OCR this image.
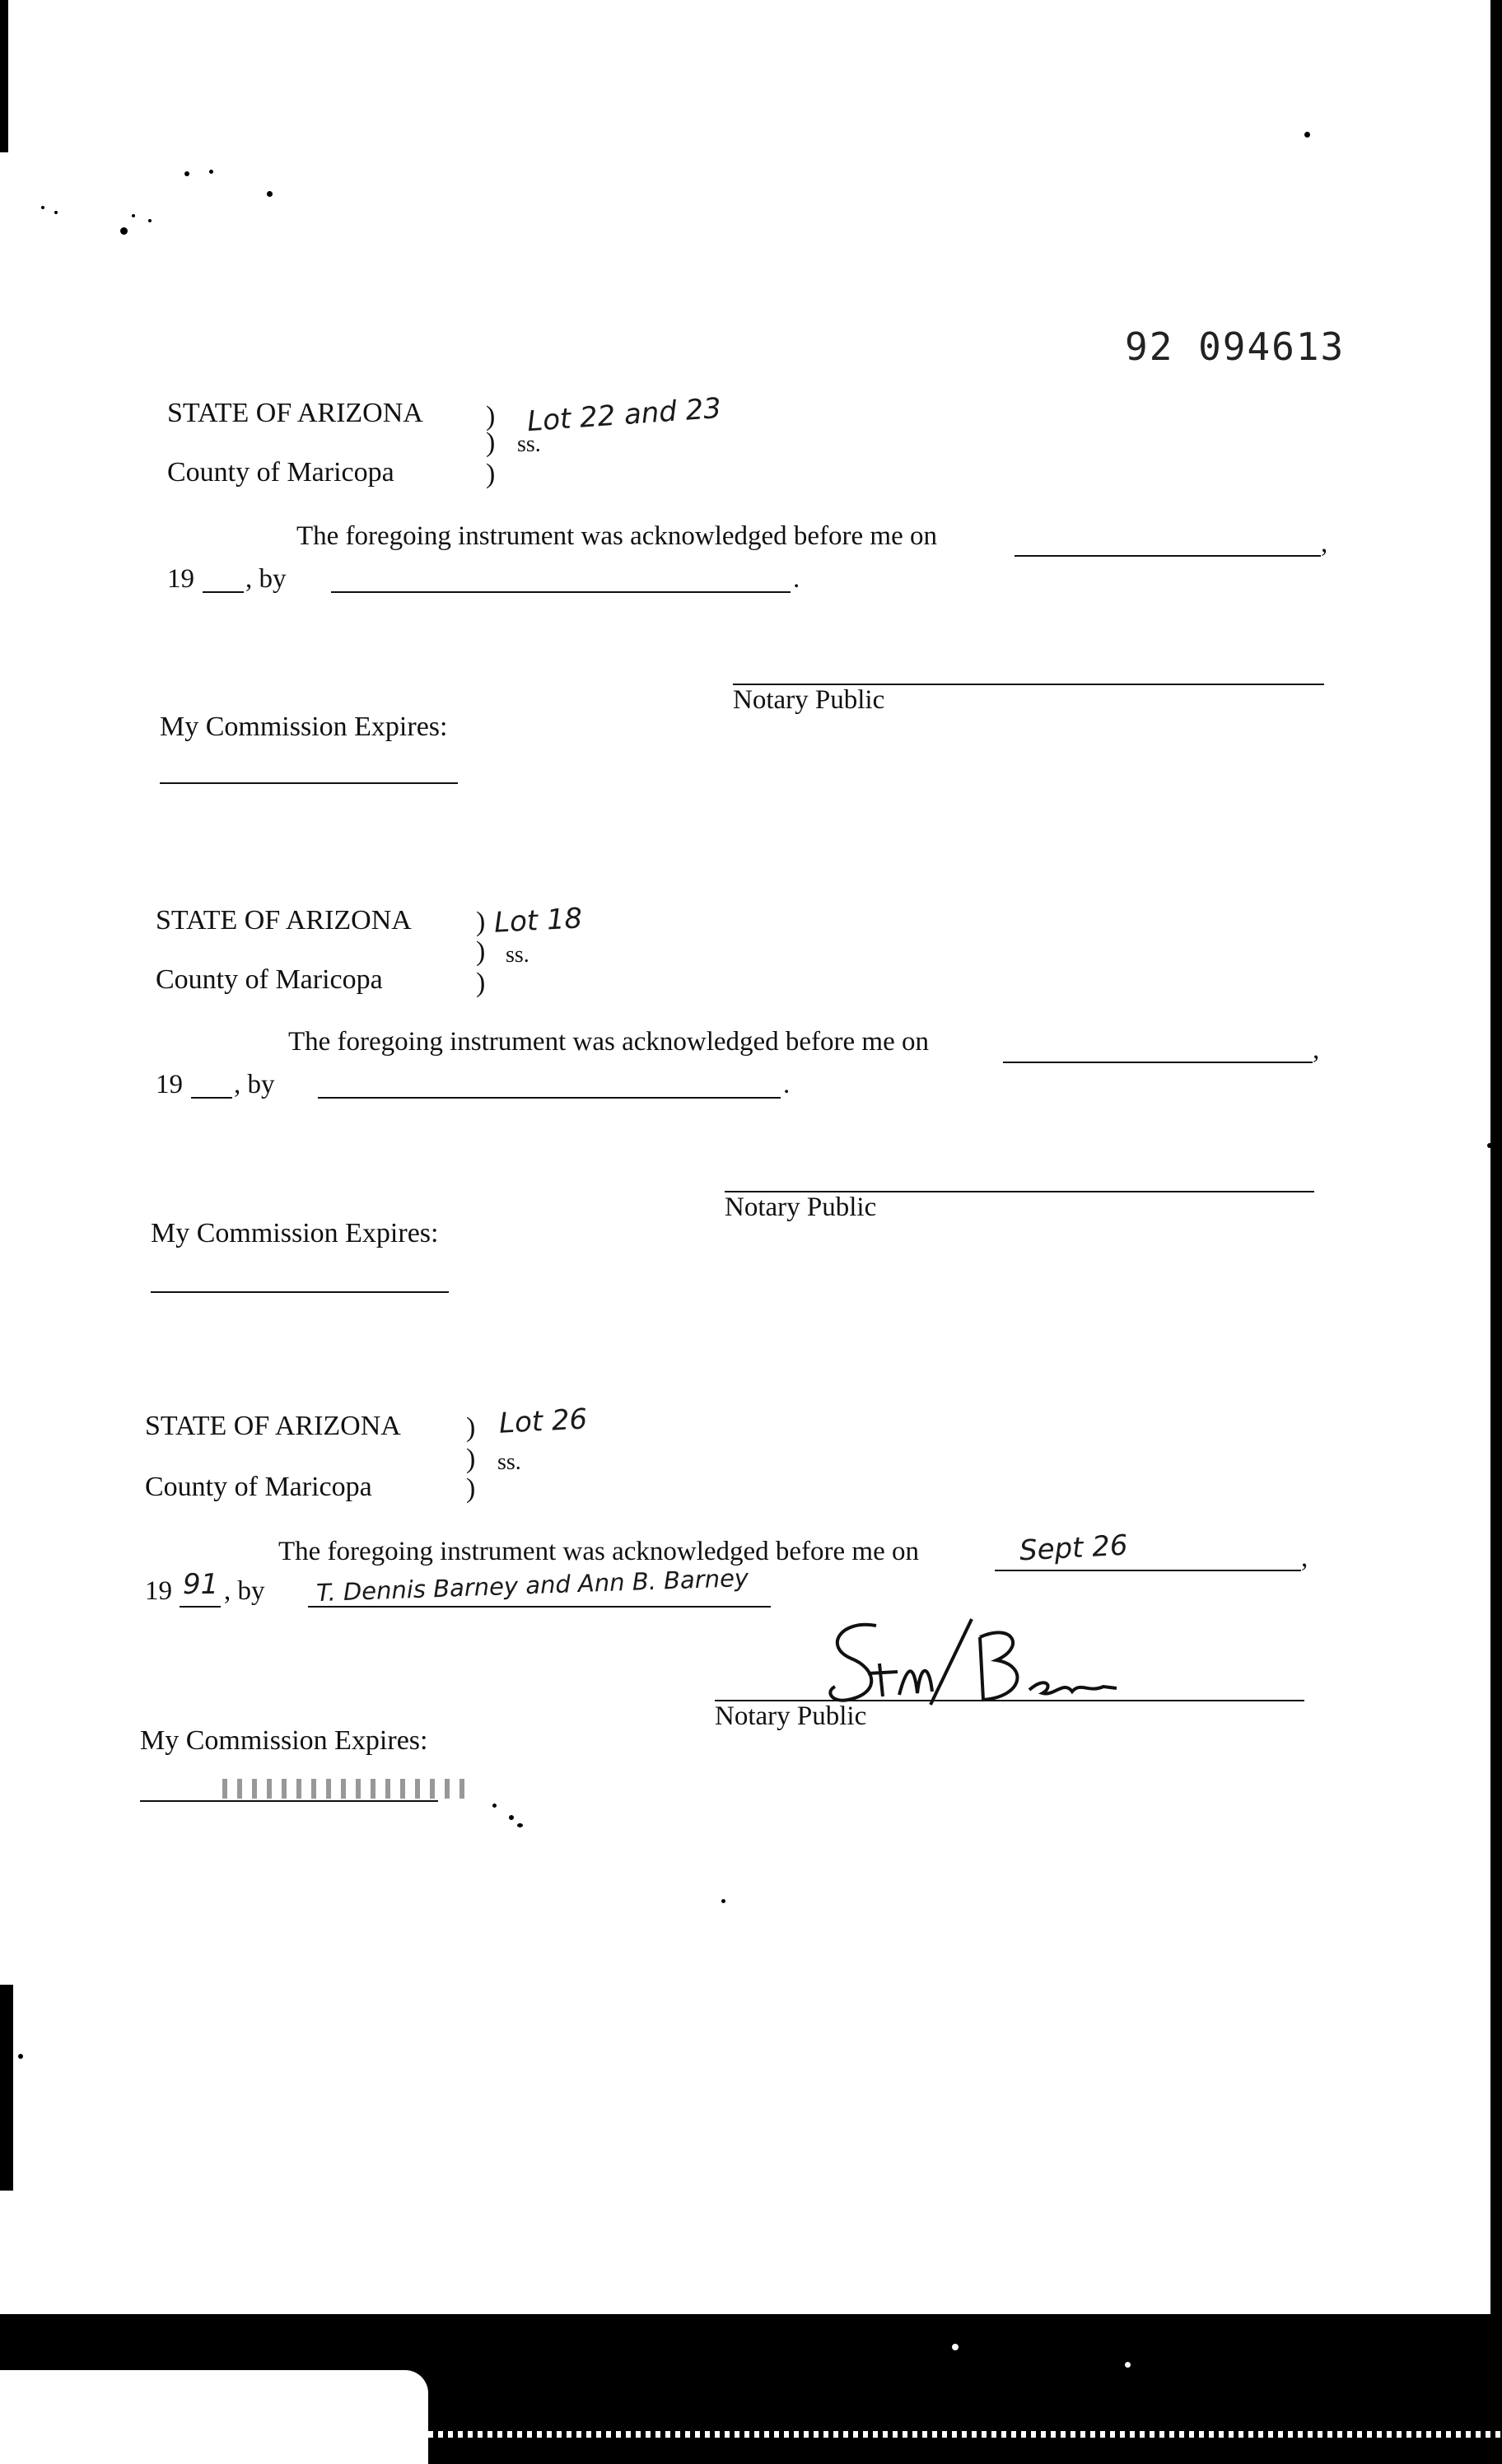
92 094613
STATE OF ARIZONA ) Lot 22 and 23
) ss.
County of Maricopa	)
The foregoing instrument was acknowledged before me on	,
19 , by	.
Notary Public
My Commission Expires:
STATE OF ARIZONA ) Lot 18
) ss.
County of Maricopa	)
The foregoing instrument was acknowledged before me on	,
19 , by	.
Notary Public
My Commission Expires:
STATE OF ARIZONA ) Lot 26
) ss.
County of Maricopa	)
The foregoing instrument was acknowledged before me on	Sept 26	,
19 91 , by T. Dennis Barney and Ann B. Barney
Notary Public
My Commission Expires:
